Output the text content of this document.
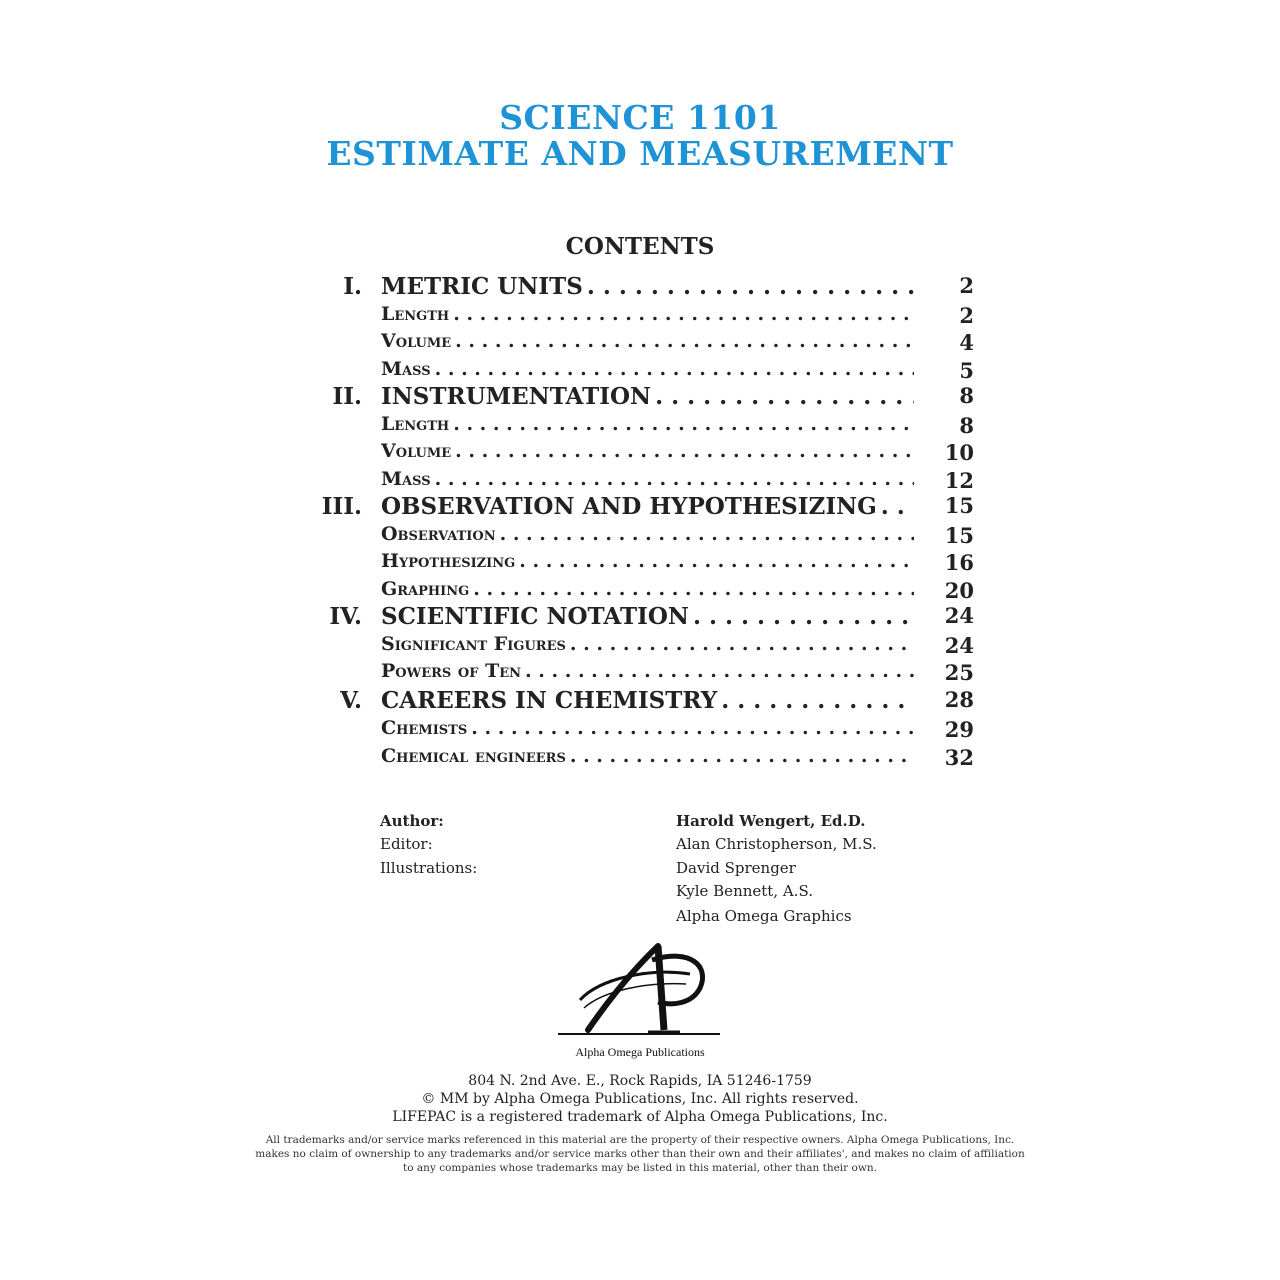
SCIENCE 1101
ESTIMATE AND MEASUREMENT
CONTENTS
I. METRIC UNITS . . .	2
Length . . .	2
Volume . . .	4
Mass . . .	5
II. INSTRUMENTATION . . .	8
Length . . .	8
Volume . . .	10
Mass . . .	12
III. OBSERVATION AND HYPOTHESIZING . . .	15
Observation . . .	15
Hypothesizing . . .	16
Graphing . . .	20
IV. SCIENTIFIC NOTATION . . .	24
Significant Figures . . .	24
Powers of Ten . . .	25
V. CAREERS IN CHEMISTRY . . .	28
Chemists . . .	29
Chemical engineers . . .	32
Author:	Harold Wengert, Ed.D.
Editor:	Alan Christopherson, M.S.
Illustrations:	David Sprenger
Kyle Bennett, A.S.
Alpha Omega Graphics
Alpha Omega Publications
804 N. 2nd Ave. E., Rock Rapids, IA 51246-1759
© MM by Alpha Omega Publications, Inc. All rights reserved.
LIFEPAC is a registered trademark of Alpha Omega Publications, Inc.
All trademarks and/or service marks referenced in this material are the property of their respective owners. Alpha Omega Publications, Inc.
makes no claim of ownership to any trademarks and/or service marks other than their own and their affiliates', and makes no claim of affiliation
to any companies whose trademarks may be listed in this material, other than their own.
